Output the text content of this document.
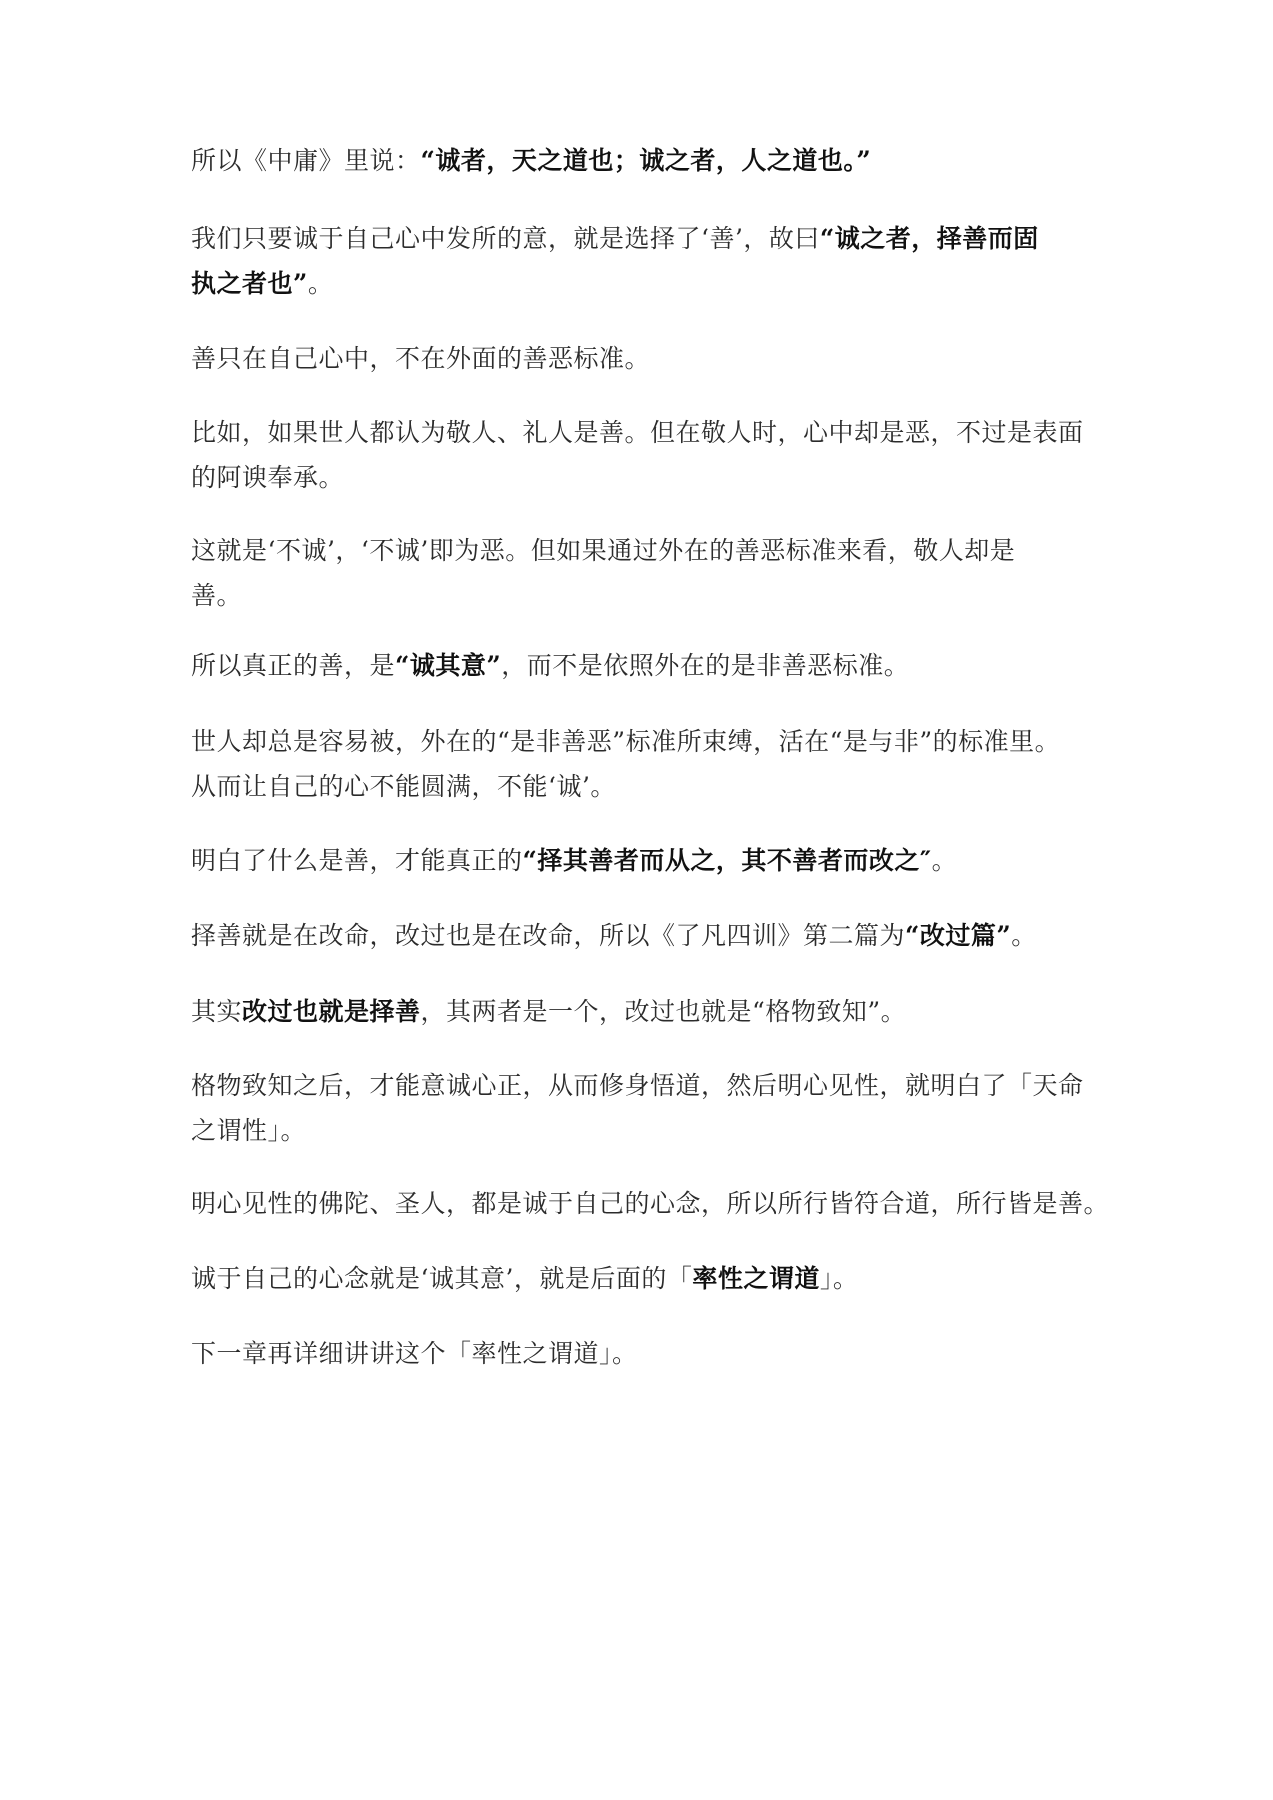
所以《中庸》里说：“诚者，天之道也；诚之者，人之道也。”

我们只要诚于自己心中发所的意，就是选择了‘善’，故曰“诚之者，择善而固
执之者也”。

善只在自己心中，不在外面的善恶标准。

比如，如果世人都认为敬人、礼人是善。但在敬人时，心中却是恶，不过是表面
的阿谀奉承。

这就是‘不诚’，‘不诚’即为恶。但如果通过外在的善恶标准来看，敬人却是
善。

所以真正的善，是“诚其意”，而不是依照外在的是非善恶标准。

世人却总是容易被，外在的“是非善恶”标准所束缚，活在“是与非”的标准里。
从而让自己的心不能圆满，不能‘诚’。

明白了什么是善，才能真正的“择其善者而从之，其不善者而改之″。

择善就是在改命，改过也是在改命，所以《了凡四训》第二篇为“改过篇”。

其实改过也就是择善，其两者是一个，改过也就是“格物致知”。

格物致知之后，才能意诚心正，从而修身悟道，然后明心见性，就明白了「天命
之谓性」。

明心见性的佛陀、圣人，都是诚于自己的心念，所以所行皆符合道，所行皆是善。

诚于自己的心念就是‘诚其意’，就是后面的「率性之谓道」。

下一章再详细讲讲这个「率性之谓道」。
